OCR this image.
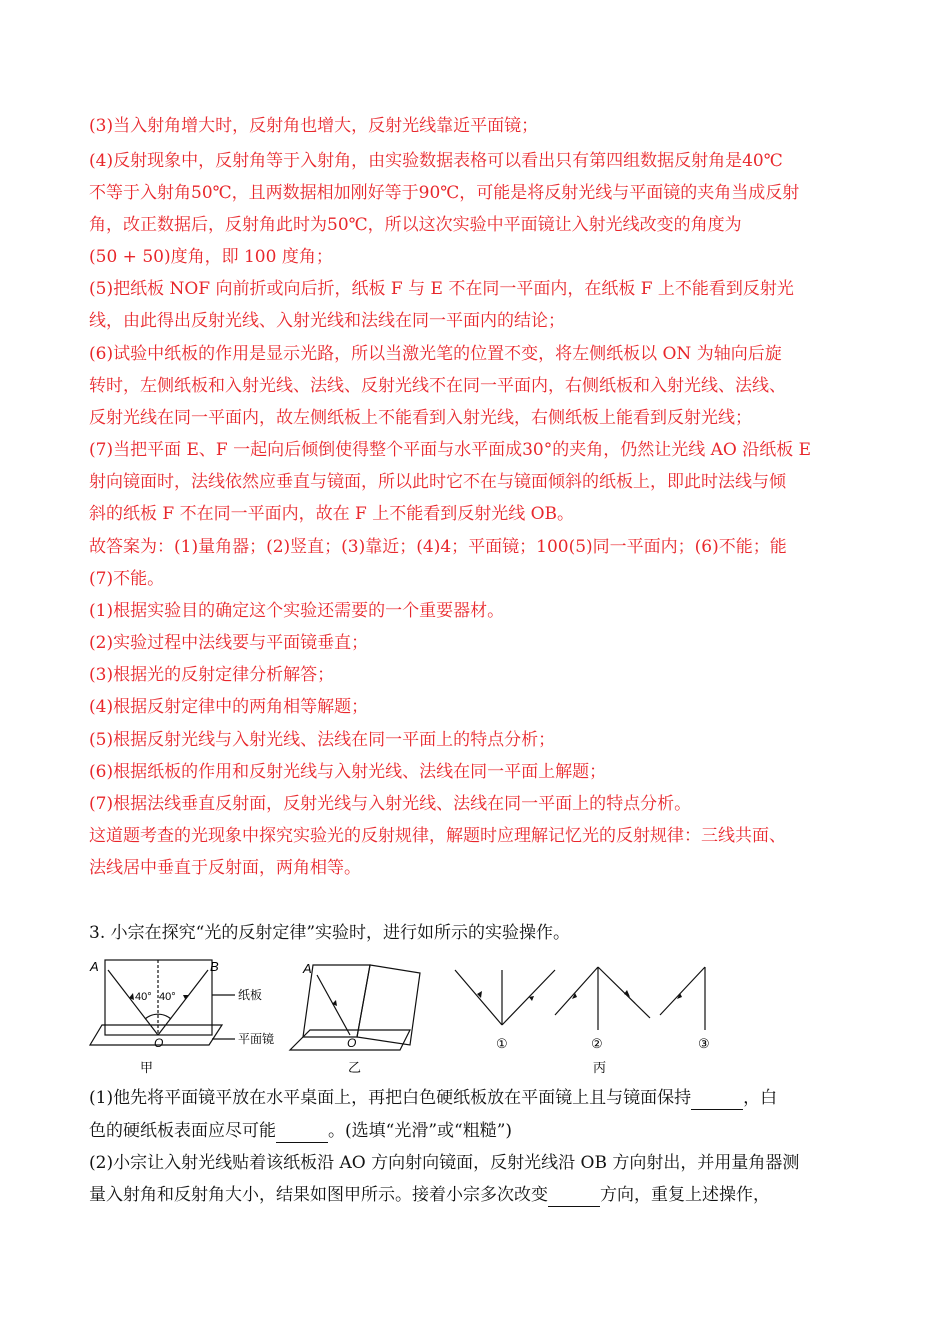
(3)当入射角增大时，反射角也增大，反射光线靠近平面镜；
(4)反射现象中，反射角等于入射角，由实验数据表格可以看出只有第四组数据反射角是40℃
不等于入射角50℃，且两数据相加刚好等于90℃，可能是将反射光线与平面镜的夹角当成反射
角，改正数据后，反射角此时为50℃，所以这次实验中平面镜让入射光线改变的角度为
(50 + 50)度角，即 100 度角；
(5)把纸板 NOF 向前折或向后折，纸板 F 与 E 不在同一平面内，在纸板 F 上不能看到反射光
线，由此得出反射光线、入射光线和法线在同一平面内的结论；
(6)试验中纸板的作用是显示光路，所以当激光笔的位置不变，将左侧纸板以 ON 为轴向后旋
转时，左侧纸板和入射光线、法线、反射光线不在同一平面内，右侧纸板和入射光线、法线、
反射光线在同一平面内，故左侧纸板上不能看到入射光线，右侧纸板上能看到反射光线；
(7)当把平面 E、F 一起向后倾倒使得整个平面与水平面成30°的夹角，仍然让光线 AO 沿纸板 E
射向镜面时，法线依然应垂直与镜面，所以此时它不在与镜面倾斜的纸板上，即此时法线与倾
斜的纸板 F 不在同一平面内，故在 F 上不能看到反射光线 OB。
故答案为：(1)量角器；(2)竖直；(3)靠近；(4)4；平面镜；100(5)同一平面内；(6)不能；能
(7)不能。
(1)根据实验目的确定这个实验还需要的一个重要器材。
(2)实验过程中法线要与平面镜垂直；
(3)根据光的反射定律分析解答；
(4)根据反射定律中的两角相等解题；
(5)根据反射光线与入射光线、法线在同一平面上的特点分析；
(6)根据纸板的作用和反射光线与入射光线、法线在同一平面上解题；
(7)根据法线垂直反射面，反射光线与入射光线、法线在同一平面上的特点分析。
这道题考查的光现象中探究实验光的反射规律，解题时应理解记忆光的反射规律：三线共面、
法线居中垂直于反射面，两角相等。
3. 小宗在探究“光的反射定律”实验时，进行如所示的实验操作。
A	B
40° 40°
O
纸板
平面镜
甲
A
O
乙
①	②	③
丙
(1)他先将平面镜平放在水平桌面上，再把白色硬纸板放在平面镜上且与镜面保持	，白
色的硬纸板表面应尽可能	。(选填“光滑”或“粗糙”)
(2)小宗让入射光线贴着该纸板沿 AO 方向射向镜面，反射光线沿 OB 方向射出，并用量角器测
量入射角和反射角大小，结果如图甲所示。接着小宗多次改变	方向，重复上述操作，
